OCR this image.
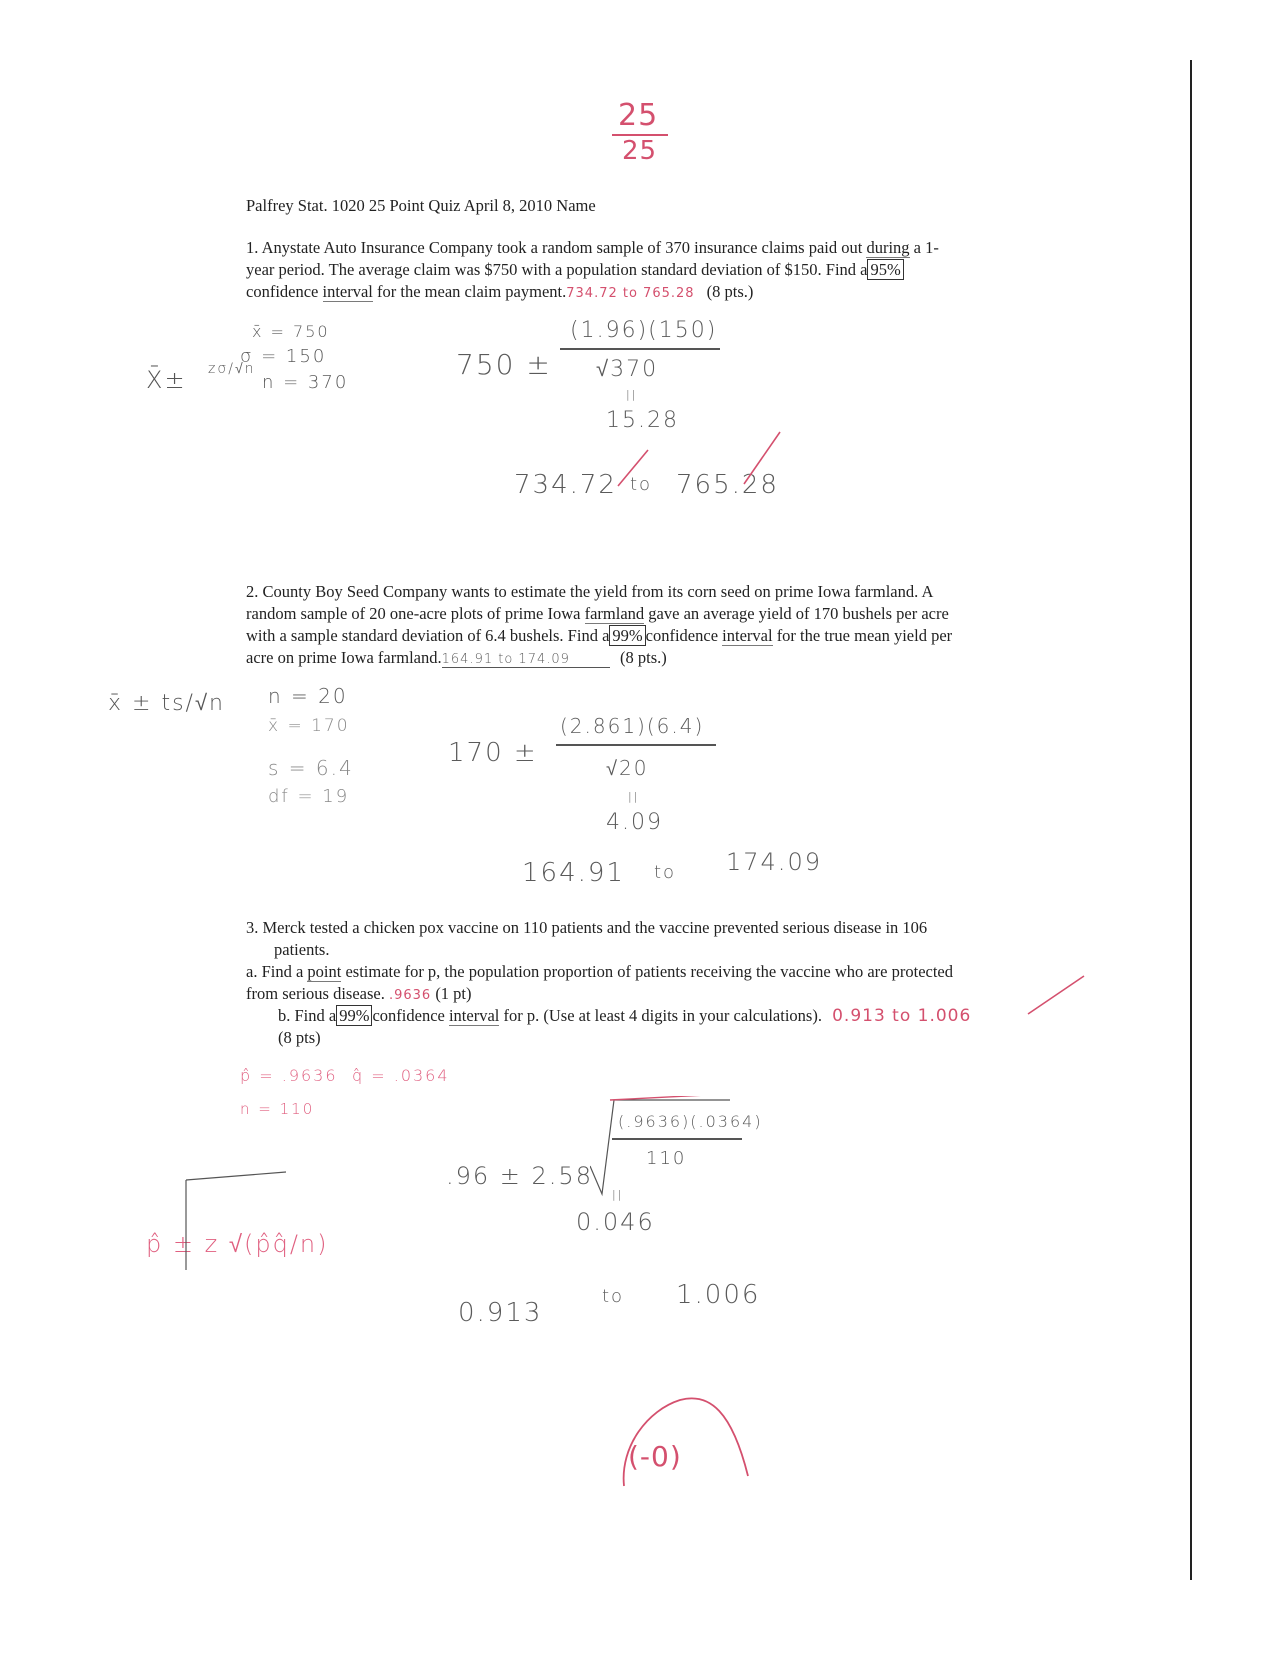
25
25
Palfrey Stat. 1020 25 Point Quiz April 8, 2010 Name
1. Anystate Auto Insurance Company took a random sample of 370 insurance claims paid out during a 1-
year period. The average claim was $750 with a population standard deviation of $150. Find a 95%
confidence interval for the mean claim payment.734.72 to 765.28 (8 pts.)
x̄ = 750
σ = 150
n = 370
X̄± zσ/√n	750 ±
(1.96)(150)
√370
||
15.28
734.72 to 765.28
2. County Boy Seed Company wants to estimate the yield from its corn seed on prime Iowa farmland. A
random sample of 20 one-acre plots of prime Iowa farmland gave an average yield of 170 bushels per acre
with a sample standard deviation of 6.4 bushels. Find a 99% confidence interval for the true mean yield per
acre on prime Iowa farmland.164.91 to 174.09	(8 pts.)
x̄ ± ts/√n n = 20
x̄ = 170
s = 6.4
df = 19
170 ±
(2.861)(6.4)
√20
||
4.09
164.91 to 174.09
3. Merck tested a chicken pox vaccine on 110 patients and the vaccine prevented serious disease in 106
patients.
a. Find a point estimate for p, the population proportion of patients receiving the vaccine who are protected
from serious disease. .9636 (1 pt)
b. Find a 99% confidence interval for p. (Use at least 4 digits in your calculations). 0.913 to 1.006
(8 pts)
p̂ = .9636 q̂ = .0364
n = 110
p̂ ± z √(p̂q̂/n)
.96 ± 2.58
(.9636)(.0364)
110
||
0.046
0.913
to 1.006
(-0)
